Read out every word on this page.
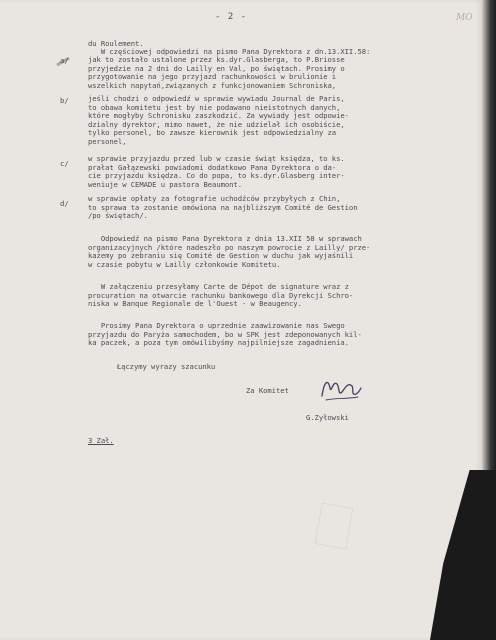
- 2 -	MO
du Roulement.
W częściowej odpowiedzi na pismo Pana Dyrektora z dn.13.XII.58:
a/	jak to zostało ustalone przez ks.dyr.Glasberga, to P.Briosse
przyjedzie na 2 dni do Lailly en Val, po świętach. Prosimy o
przygotowanie na jego przyjazd rachunkowości w brulionie i
wszelkich napytań,związanych z funkcjonowaniem Schroniska,
b/	jeśli chodzi o odpowiedź w sprawie wywiadu Journal de Paris,
to obawa komitetu jest by nie podawano nieistotnych danych,
które mogłyby Schronisku zaszkodzić. Za wywiady jest odpowie-
dzialny dyrektor, mimo nawet, że nie udzielał ich osobiście,
tylko personel, bo zawsze kierownik jest odpowiedzialny za
personel,
c/
w sprawie przyjazdu przed lub w czasie świąt księdza, to ks.
prałat Gałązewski powiadomi dodatkowo Pana Dyrektora o da-
cie przyjazdu księdza. Co do popa, to ks.dyr.Glasberg inter-
weniuje w CEMADE u pastora Beaumont.
d/
w sprawie opłaty za fotografie uchodźców przybyłych z Chin,
to sprawa ta zostanie omówiona na najbliższym Comité de Gestion
/po świętach/.
Odpowiedź na pismo Pana Dyrektora z dnia 13.XII 58 w sprawach
organizacyjnych /które nadeszło po naszym powrocie z Lailly/ prze-
każemy po zebraniu się Comité de Gestion w duchu jak wyjaśnili
w czasie pobytu w Lailly członkowie Komitetu.
W załączeniu przesyłamy Carte de Dépot de signature wraz z
procuration na otwarcie rachunku bankowego dla Dyrekcji Schro-
niska w Banque Regionale de l'Ouest - w Beaugency.
Prosimy Pana Dyrektora o uprzednie zaawizowanie nas Swego
przyjazdu do Paryża samochodem, bo w SPK jest zdeponowanych kil-
ka paczek, a poza tym omówilibyśmy najpilniejsze zagadnienia.
Łączymy wyrazy szacunku
Za Komitet
G.Zyłowski
3 Zał.
